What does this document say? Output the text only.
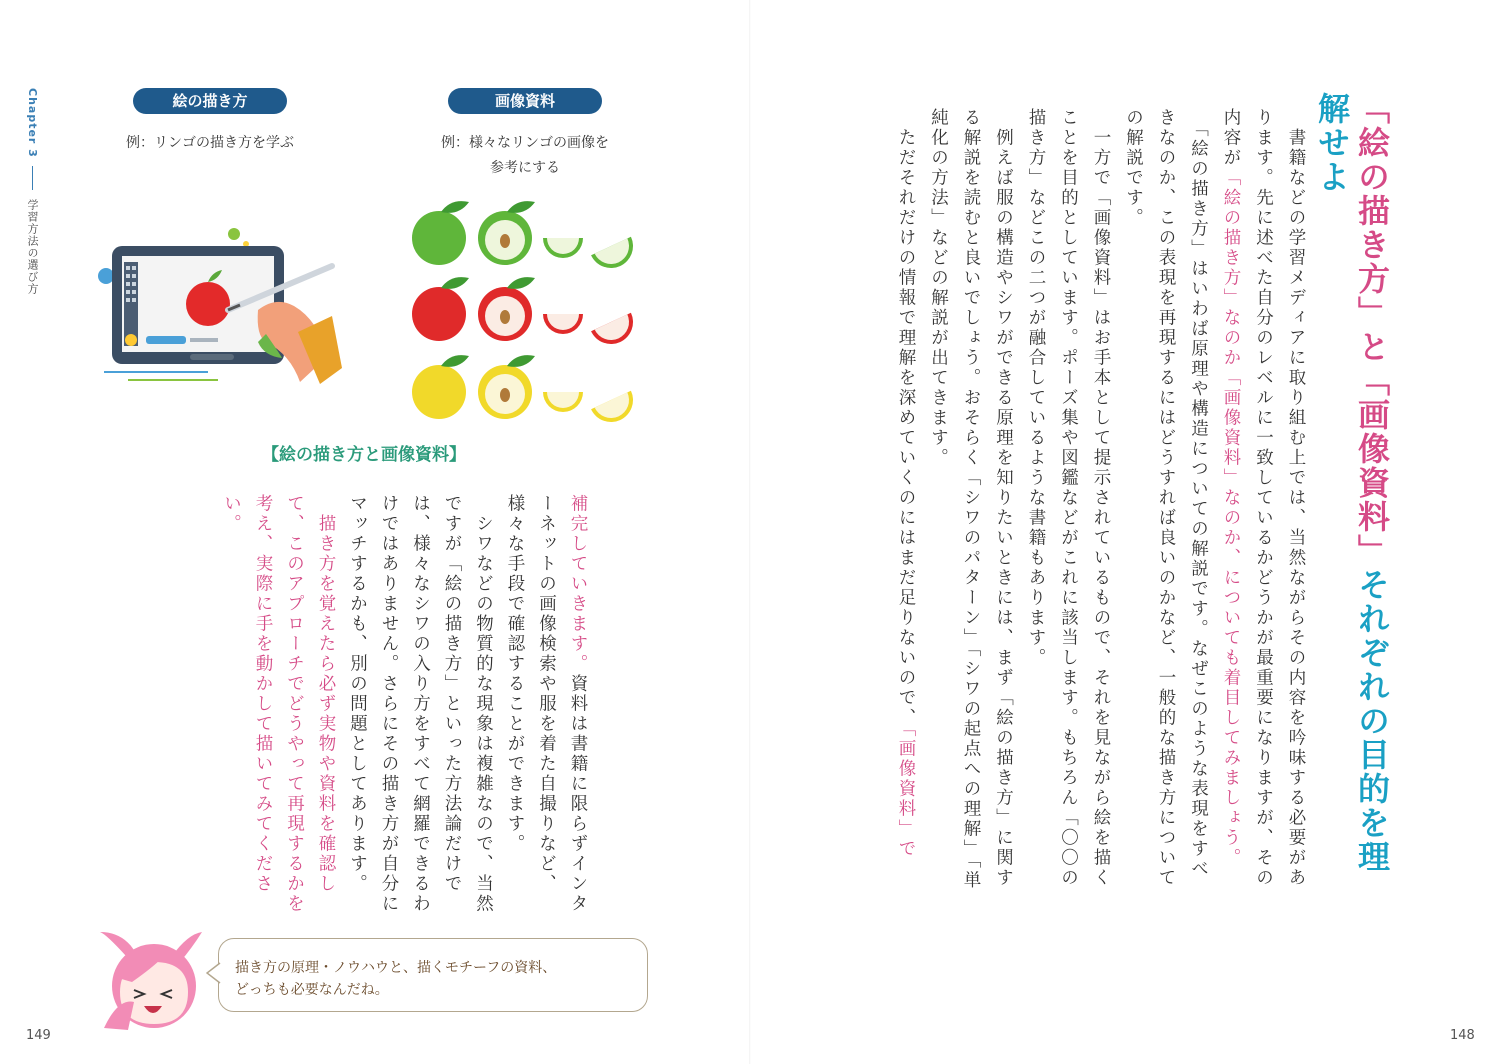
Chapter 3  学習方法の選び方
絵の描き方
例：リンゴの描き方を学ぶ
画像資料
例：様々なリンゴの画像を
参考にする
【絵の描き方と画像資料】

補完していきます。資料は書籍に限らずインターネットの画像検索や服を着た自撮りなど、様々な手段で確認することができます。

　シワなどの物質的な現象は複雑なので、当然ですが「絵の描き方」といった方法論だけでは、様々なシワの入り方をすべて網羅できるわけではありません。さらにその描き方が自分にマッチするかも、別の問題としてあります。

　描き方を覚えたら必ず実物や資料を確認して、このアプローチでどうやって再現するかを考え、実際に手を動かして描いてみてください。

描き方の原理・ノウハウと、描くモチーフの資料、
どっちも必要なんだね。
149
「絵の描き方」と「画像資料」それぞれの目的を理解せよ

　書籍などの学習メディアに取り組む上では、当然ながらその内容を吟味する必要があります。先に述べた自分のレベルに一致しているかどうかが最重要になりますが、その内容が「絵の描き方」なのか「画像資料」なのか、についても着目してみましょう。

　「絵の描き方」はいわば原理や構造についての解説です。なぜこのような表現をすべきなのか、この表現を再現するにはどうすれば良いのかなど、一般的な描き方についての解説です。

　一方で「画像資料」はお手本として提示されているもので、それを見ながら絵を描くことを目的としています。ポーズ集や図鑑などがこれに該当します。もちろん「〇〇の描き方」などこの二つが融合しているような書籍もあります。

　例えば服の構造やシワができる原理を知りたいときには、まず「絵の描き方」に関する解説を読むと良いでしょう。おそらく「シワのパターン」「シワの起点への理解」「単純化の方法」などの解説が出てきます。

　ただそれだけの情報で理解を深めていくのにはまだ足りないので、「画像資料」で

148
